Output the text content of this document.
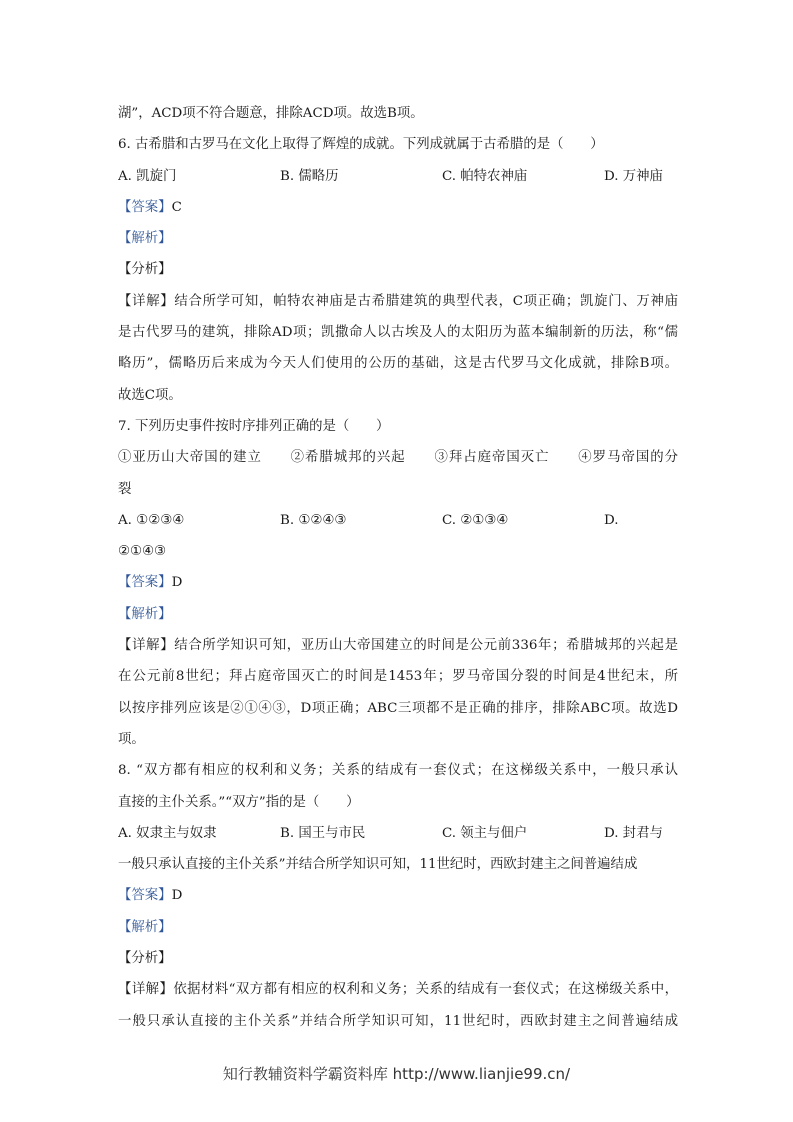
湖”，ACD项不符合题意，排除ACD项。故选B项。
6. 古希腊和古罗马在文化上取得了辉煌的成就。下列成就属于古希腊的是（　　）
A. 凯旋门	B. 儒略历	C. 帕特农神庙	D. 万神庙
【答案】C
【解析】
【分析】
【详解】结合所学可知，帕特农神庙是古希腊建筑的典型代表，C项正确；凯旋门、万神庙
是古代罗马的建筑，排除AD项；凯撒命人以古埃及人的太阳历为蓝本编制新的历法，称“儒
略历”，儒略历后来成为今天人们使用的公历的基础，这是古代罗马文化成就，排除B项。
故选C项。
7. 下列历史事件按时序排列正确的是（　　）
①亚历山大帝国的建立　　②希腊城邦的兴起　　③拜占庭帝国灭亡　　④罗马帝国的分
裂
A. ①②③④	B. ①②④③	C. ②①③④	D.
②①④③
【答案】D
【解析】
【详解】结合所学知识可知，亚历山大帝国建立的时间是公元前336年；希腊城邦的兴起是
在公元前8世纪；拜占庭帝国灭亡的时间是1453年；罗马帝国分裂的时间是4世纪末，所
以按序排列应该是②①④③，D项正确；ABC三项都不是正确的排序，排除ABC项。故选D
项。
8. “双方都有相应的权利和义务；关系的结成有一套仪式；在这梯级关系中，一般只承认
直接的主仆关系。”“双方”指的是（　　）
A. 奴隶主与奴隶	B. 国王与市民	C. 领主与佃户	D. 封君与
一般只承认直接的主仆关系”并结合所学知识可知，11世纪时，西欧封建主之间普遍结成
【答案】D
【解析】
【分析】
【详解】依据材料“双方都有相应的权利和义务；关系的结成有一套仪式；在这梯级关系中，
一般只承认直接的主仆关系”并结合所学知识可知，11世纪时，西欧封建主之间普遍结成
知行教辅资料学霸资料库 http://www.lianjie99.cn/
